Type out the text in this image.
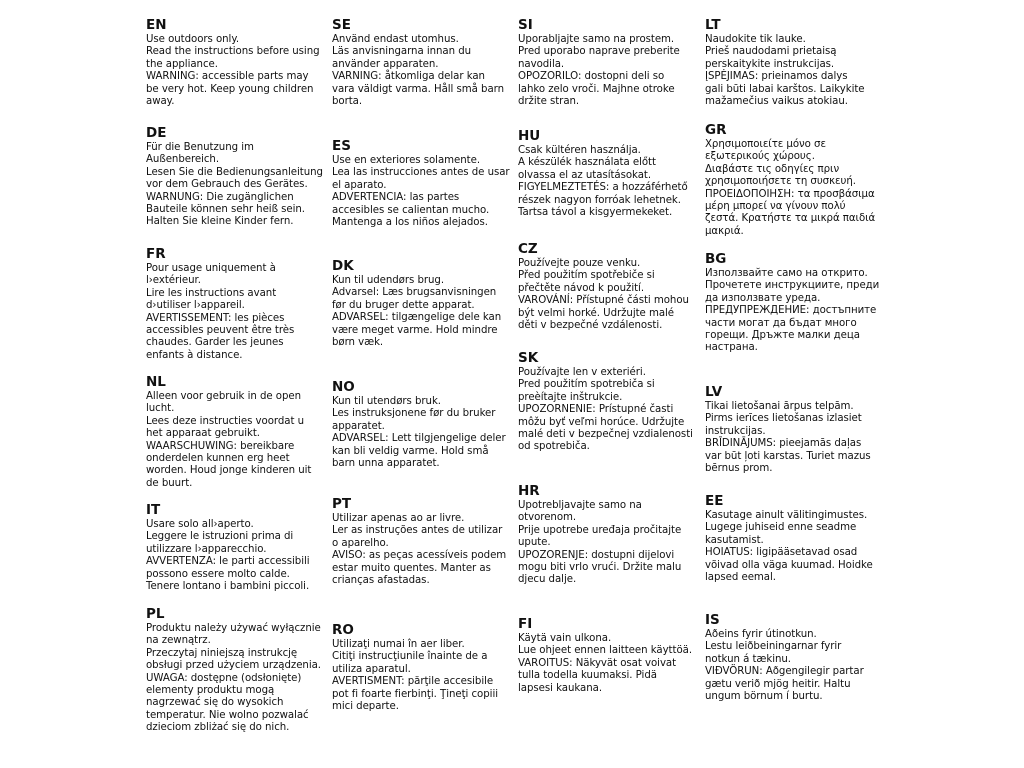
EN
Use outdoors only.
Read the instructions before using
the appliance.
WARNING: accessible parts may
be very hot. Keep young children
away.
DE
Für die Benutzung im
Außenbereich.
Lesen Sie die Bedienungsanleitung
vor dem Gebrauch des Gerätes.
WARNUNG: Die zugänglichen
Bauteile können sehr heiß sein.
Halten Sie kleine Kinder fern.
FR
Pour usage uniquement à
l›extérieur.
Lire les instructions avant
d›utiliser l›appareil.
AVERTISSEMENT: les pièces
accessibles peuvent être très
chaudes. Garder les jeunes
enfants à distance.
NL
Alleen voor gebruik in de open
lucht.
Lees deze instructies voordat u
het apparaat gebruikt.
WAARSCHUWING: bereikbare
onderdelen kunnen erg heet
worden. Houd jonge kinderen uit
de buurt.
IT
Usare solo all›aperto.
Leggere le istruzioni prima di
utilizzare l›apparecchio.
AVVERTENZA: le parti accessibili
possono essere molto calde.
Tenere lontano i bambini piccoli.
PL
Produktu należy używać wyłącznie
na zewnątrz.
Przeczytaj niniejszą instrukcję
obsługi przed użyciem urządzenia.
UWAGA: dostępne (odsłonięte)
elementy produktu mogą
nagrzewać się do wysokich
temperatur. Nie wolno pozwalać
dzieciom zbliżać się do nich.
SE
Använd endast utomhus.
Läs anvisningarna innan du
använder apparaten.
VARNING: åtkomliga delar kan
vara väldigt varma. Håll små barn
borta.
ES
Use en exteriores solamente.
Lea las instrucciones antes de usar
el aparato.
ADVERTENCIA: las partes
accesibles se calientan mucho.
Mantenga a los niños alejados.
DK
Kun til udendørs brug.
Advarsel: Læs brugsanvisningen
før du bruger dette apparat.
ADVARSEL: tilgængelige dele kan
være meget varme. Hold mindre
børn væk.
NO
Kun til utendørs bruk.
Les instruksjonene før du bruker
apparatet.
ADVARSEL: Lett tilgjengelige deler
kan bli veldig varme. Hold små
barn unna apparatet.
PT
Utilizar apenas ao ar livre.
Ler as instruções antes de utilizar
o aparelho.
AVISO: as peças acessíveis podem
estar muito quentes. Manter as
crianças afastadas.
RO
Utilizaţi numai în aer liber.
Citiţi instrucţiunile înainte de a
utiliza aparatul.
AVERTISMENT: părţile accesibile
pot fi foarte fierbinţi. Ţineţi copiii
mici departe.
SI
Uporabljajte samo na prostem.
Pred uporabo naprave preberite
navodila.
OPOZORILO: dostopni deli so
lahko zelo vroči. Majhne otroke
držite stran.
HU
Csak kültéren használja.
A készülék használata előtt
olvassa el az utasításokat.
FIGYELMEZTETÉS: a hozzáférhető
részek nagyon forróak lehetnek.
Tartsa távol a kisgyermekeket.
CZ
Používejte pouze venku.
Před použitím spotřebiče si
přečtěte návod k použití.
VAROVÁNÍ: Přístupné části mohou
být velmi horké. Udržujte malé
děti v bezpečné vzdálenosti.
SK
Používajte len v exteriéri.
Pred použitím spotrebiča si
preèítajte inštrukcie.
UPOZORNENIE: Prístupné časti
môžu byť veľmi horúce. Udržujte
malé deti v bezpečnej vzdialenosti
od spotrebiča.
HR
Upotrebljavajte samo na
otvorenom.
Prije upotrebe uređaja pročitajte
upute.
UPOZORENJE: dostupni dijelovi
mogu biti vrlo vrući. Držite malu
djecu dalje.
FI
Käytä vain ulkona.
Lue ohjeet ennen laitteen käyttöä.
VAROITUS: Näkyvät osat voivat
tulla todella kuumaksi. Pidä
lapsesi kaukana.
LT
Naudokite tik lauke.
Prieš naudodami prietaisą
perskaitykite instrukcijas.
ĮSPĖJIMAS: prieinamos dalys
gali būti labai karštos. Laikykite
mažamečius vaikus atokiau.
GR
Χρησιμοποιείτε μόνο σε
εξωτερικούς χώρους.
Διαβάστε τις οδηγίες πριν
χρησιμοποιήσετε τη συσκευή.
ΠΡΟΕΙΔΟΠΟΙΗΣΗ: τα προσβάσιμα
μέρη μπορεί να γίνουν πολύ
ζεστά. Κρατήστε τα μικρά παιδιά
μακριά.
BG
Използвайте само на открито.
Прочетете инструкциите, преди
да използвате уреда.
ПРЕДУПРЕЖДЕНИЕ: достъпните
части могат да бъдат много
горещи. Дръжте малки деца
настрана.
LV
Tikai lietošanai ārpus telpām.
Pirms ierīces lietošanas izlasiet
instrukcijas.
BRĪDINĀJUMS: pieejamās daļas
var būt ļoti karstas. Turiet mazus
bērnus prom.
EE
Kasutage ainult välitingimustes.
Lugege juhiseid enne seadme
kasutamist.
HOIATUS: ligipääsetavad osad
võivad olla väga kuumad. Hoidke
lapsed eemal.
IS
Aðeins fyrir útinotkun.
Lestu leiðbeiningarnar fyrir
notkun á tækinu.
VIÐVÖRUN: Aðgengilegir partar
gætu verið mjög heitir. Haltu
ungum börnum í burtu.
